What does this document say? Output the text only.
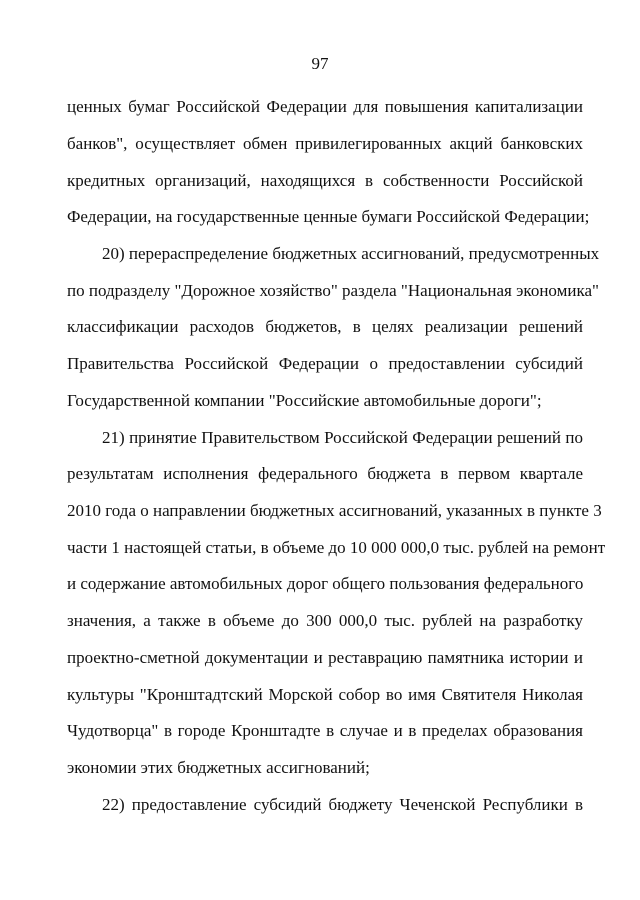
97
ценных бумаг Российской Федерации для повышения капитализации
банков", осуществляет обмен привилегированных акций банковских
кредитных организаций, находящихся в собственности Российской
Федерации, на государственные ценные бумаги Российской Федерации;
20) перераспределение бюджетных ассигнований, предусмотренных
по подразделу "Дорожное хозяйство" раздела "Национальная экономика"
классификации расходов бюджетов, в целях реализации решений
Правительства Российской Федерации о предоставлении субсидий
Государственной компании "Российские автомобильные дороги";
21) принятие Правительством Российской Федерации решений по
результатам исполнения федерального бюджета в первом квартале
2010 года о направлении бюджетных ассигнований, указанных в пункте 3
части 1 настоящей статьи, в объеме до 10 000 000,0 тыс. рублей на ремонт
и содержание автомобильных дорог общего пользования федерального
значения, а также в объеме до 300 000,0 тыс. рублей на разработку
проектно-сметной документации и реставрацию памятника истории и
культуры "Кронштадтский Морской собор во имя Святителя Николая
Чудотворца" в городе Кронштадте в случае и в пределах образования
экономии этих бюджетных ассигнований;
22) предоставление субсидий бюджету Чеченской Республики в
